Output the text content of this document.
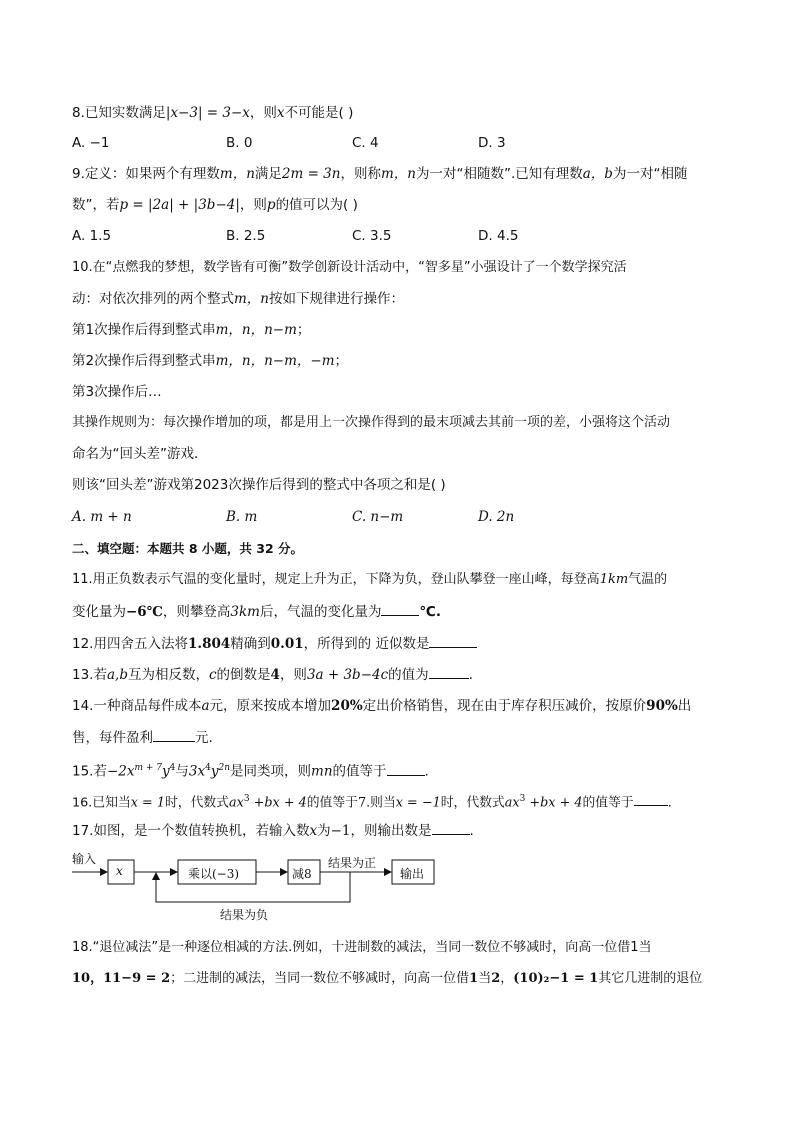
8.已知实数满足|x−3| = 3−x，则x不可能是( )
A. −1	B. 0	C. 4	D. 3
9.定义：如果两个有理数m，n满足2m = 3n，则称m，n为一对“相随数”.已知有理数a，b为一对“相随
数”，若p = |2a| + |3b−4|，则p的值可以为( )
A. 1.5	B. 2.5	C. 3.5	D. 4.5
10.在“点燃我的梦想，数学皆有可衡”数学创新设计活动中，“智多星”小强设计了一个数学探究活
动：对依次排列的两个整式m，n按如下规律进行操作：
第1次操作后得到整式串m，n，n−m；
第2次操作后得到整式串m，n，n−m，−m；
第3次操作后…
其操作规则为：每次操作增加的项，都是用上一次操作得到的最末项减去其前一项的差，小强将这个活动
命名为“回头差”游戏．
则该“回头差”游戏第2023次操作后得到的整式中各项之和是( )
A. m + n	B. m	C. n−m	D. 2n
二、填空题：本题共 8 小题，共 32 分。
11.用正负数表示气温的变化量时，规定上升为正，下降为负，登山队攀登一座山峰，每登高1km气温的
变化量为−6℃，则攀登高3km后，气温的变化量为	℃.
12.用四舍五入法将1.804精确到0.01，所得到的 近似数是
13.若a,b互为相反数，c的倒数是4，则3a + 3b−4c的值为	.
14.一种商品每件成本a元，原来按成本增加20%定出价格销售，现在由于库存积压减价，按原价90%出
售，每件盈利	元.
15.若$-2x^{m + 7}y^4$与$3x^4y^{2n}$是同类项，则mn的值等于	.
16.已知当x = 1时，代数式$ax^3 +bx + 4$的值等于7.则当x = −1时，代数式$ax^3 +bx + 4$的值等于	.
17.如图，是一个数值转换机，若输入数x为−1，则输出数是	.
输入
x	乘以(−3)	减8
结果为正
输出
结果为负
18.“退位减法”是一种逐位相减的方法.例如，十进制数的减法，当同一数位不够减时，向高一位借1当
10，11−9 = 2；二进制的减法，当同一数位不够减时，向高一位借1当2，(10)₂−1 = 1其它几进制的退位
